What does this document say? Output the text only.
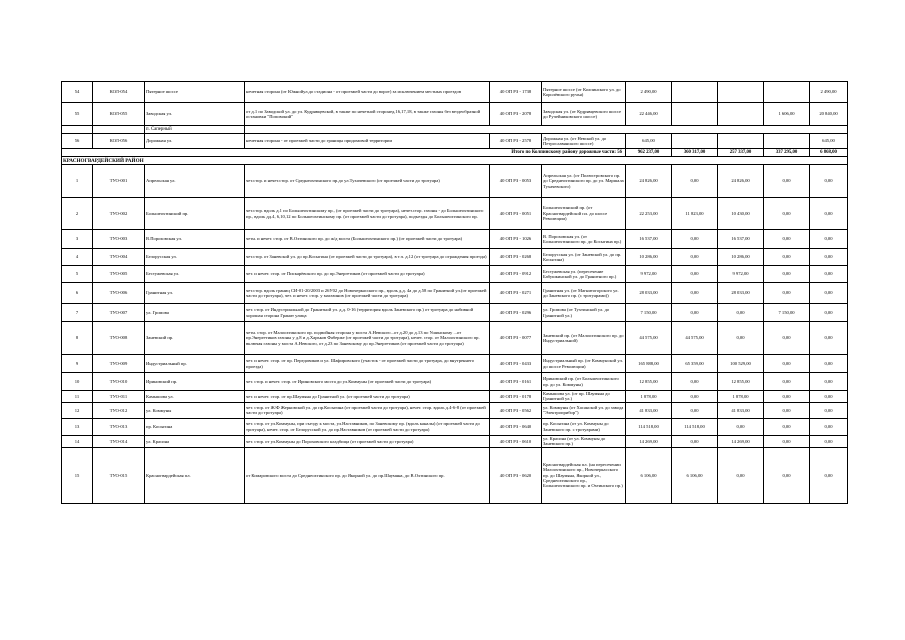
54	КОЛ-054	Пятерное шоссе	нечетная сторона (от Южнойул.до стадиона - от проезжей части до ворот) за исключением местных проездов	40 ОП РЗ - 1738	Пятерное шоссе (от Колпинского ул. до Королёвского ручья)	2 490,00				2 490,00
55	КОЛ-055	Заводская ул.	от д.1 по Заводской ул. до ул. Кудрявцевской, в также по нечетной сторонед.16,17,18, в также газоны без вездеобразной остановки "Поповокий"	40 ОП РЗ - 2078	Заводская ул. (от Кудрявцевского шоссе до Ручейниковского шоссе)	22 446,00			1 606,00	20 840,00
		п. Саперный								
56	КОЛ-056	Дорожная ул.	нечетная сторона - от проезжей части до границы придомовой территории	40 ОП РЗ - 2578	Дорожная ул. (от Невской ул. до Петрославянского шоссе)	645,00				645,00
Итого по Колпинскому району дорожные части: 56						962 237,00	360 317,00	257 337,00	337 295,00	6 868,00
КРАСНОГВАРДЕЙСКИЙ РАЙОН										
1	ТУО-001	Апрельская ул.	чет.стор. и нечет.стор. от Среднеохтинского пр.до ул.Тухачевского (от проезжей части до тротуара)	40 ОП РЗ - 0053	Апрельская ул. (от Полюстровского пр. до Среднеохтинского пр. до ул. Маршала Тухачевского)	24 826,00	0,00	24 826,00	0,00	0,00
2	ТУО-002	Большеохтинский пр.	чет.стор. вдоль д.1 по Большеохтинскому пр., (от проезжей части до тротуара), нечет.стор. газоны - до Большеохтинского пр., вдоль дд.4, 6,10,12 по Большеохтинскому пр. (от проезжей части до тротуара), подъезды до Большеохтинского пр.	40 ОП РЗ - 0051	Большеохтинский пр. (от Красногвардейской пл. до шоссе Революции)	22 253,00	11 823,00	10 430,00	0,00	0,00
3	ТУО-003	В.Пороховская ул.	четн. и нечет. стор. от В.Охтинского пр. до ж/д моста (Большеохтинского пр.) (от проезжей части до тротуара)	40 ОП РЗ - 1026	В. Пороховская ул. (от Большеохтинского пр. до Косыгина пр.)	16 537,00	0,00	16 537,00	0,00	0,00
4	ТУО-004	Белорусская ул.	чет.стор. от Заневской ул. до пр.Косыгина (от проезжей части до тротуара), в т.ч. д.12 (от тротуара до ограждения проезда)	40 ОП РЗ - 0268	Белорусская ул. (от Заневской ул. до пр. Косыгина)	10 286,00	0,00	10 286,00	0,00	0,00
5	ТУО-005	Бестужевская ул.	чет. и нечет. стор. от Пискарёвского пр. до пр.Энергетиков (от проезжей части до тротуара)	40 ОП РЗ - 0912	Бестужевская ул. (пересечение Бабушкинской ул. до Гранитного пр.)	9 972,00	0,00	9 972,00	0,00	0,00
6	ТУО-006	Гранитная ул.	чет.стор. вдоль границ СИ-01-20/2003 и 26У02 до Новочеркасского пр., вдоль д.д. 4а до д.58 по Гранитной ул.(от проезжей части до тротуара), чет. и нечет. стор. у магазинов (от проезжей части до тротуара)	40 ОП РЗ - 0271	Гранитная ул. (от Магнитогорского ул. до Заневского пр. (с тротуарами))	28 033,00	0,00	28 033,00	0,00	0,00
7	ТУО-007	ул. Громова	чет. стор. от Индустриальной до Гранитной ул. д.д. 0-16 (территория вдоль Заневского пр.) от тротуара до набивной хорошая сторона Гранит улица	40 ОП РЗ - 0296	ул. Громова (от Тухтинской ул. до Гранитной ул.)	7 150,00	0,00	0,00	7 150,00	0,00
8	ТУО-008	Заневский пр.	четн. стор. от Малоохтинского пр. подвойная сторона у моста А.Невского...от д.20 до д.13 по Ушинскому ...от пр.Энергетиков газоны у д.8 и д.Харьков Фаберже (от проезжей части до тротуара), нечет. стор. от Малоохтинского пр. включая газоны у моста А.Невского, от д.23 по Заневскому до пр.Энергетиков (от проезжей части до тротуара)	40 ОП РЗ - 0077	Заневский пр. (от Малоохтинского пр. до Индустриальной)	44 575,00	44 575,00	0,00	0,00	0,00
9	ТУО-009	Индустриальный пр.	чет. и нечет. стор. от пр. Передовиков и ул. Шафировского (участок - от проезжей части до тротуара, до внутреннего проезда)	40 ОП РЗ - 0433	Индустриальный пр. (от Коммунской ул. до шоссе Революции)	165 888,00	65 359,00	100 529,00	0,00	0,00
10	ТУО-010	Ириновский пр.	чет. стор. и нечет. стор. от Ириновского моста до ул.Коммуны (от проезжей части до тротуара)	40 ОП РЗ - 0161	Ириновский пр. (от Большеохтинского пр. до ул. Коммуны)	12 855,00	0,00	12 855,00	0,00	0,00
11	ТУО-011	Камышова ул.	чет. и нечет. стор. от пр.Шаумяна до Гранитной ул. (от проезжей части до тротуара)	40 ОП РЗ - 0178	Камышова ул. (от пр. Шаумяна до Гранитной ул.)	1 878,00	0,00	1 878,00	0,00	0,00
12	ТУО-012	ул. Коммуны	чет. стор. от Ж/Ф Жерновской ул. до пр.Косыгина (от проезжей части до тротуара), нечет. стор. вдоль д.4-6-8 (от проезжей части до тротуара)	40 ОП РЗ - 0562	ул. Коммуны (от Хасанской ул. до завода "Электроприбор")	41 833,00	0,00	41 833,00	0,00	0,00
13	ТУО-013	пр. Косыгина	чет. стор. от ул.Коммуны, при съезду к моста, ул.Наставников, по Заневскому пр. (вдоль каналы) (от проезжей части до тротуара), нечет. стор. от Белорусской ул. до пр.Наставников (от проезжей части до тротуара)	40 ОП РЗ - 0640	пр. Косыгина (от ул. Коммуны до Заневского пр. с тротуарами)	114 518,00	114 518,00	0,00	0,00	0,00
14	ТУО-014	ул. Красина	чет. стор. от ул.Коммуны до Пороховского кладбища (от проезжей части до тротуара)	40 ОП РЗ - 0610	ул. Красина (от ул. Коммуны до Заневского пр.)	14 269,00	0,00	14 269,00	0,00	0,00
15	ТУО-015	Красногвардейская пл.	от Комаровского моста до Среднеохтинского пр. до Якорной ул. до пр.Шаумяна, до В.Охтинского пр.	40 ОП РЗ - 0620	Красногвардейская пл. (на пересечении Малоохтинского пр., Новочеркасского пр. до Шаумяна, Якорной ул., Среднеохтинского пр., Большеохтинского пр. и Охтинского пр.)	6 106,00	6 106,00	0,00	0,00	0,00
